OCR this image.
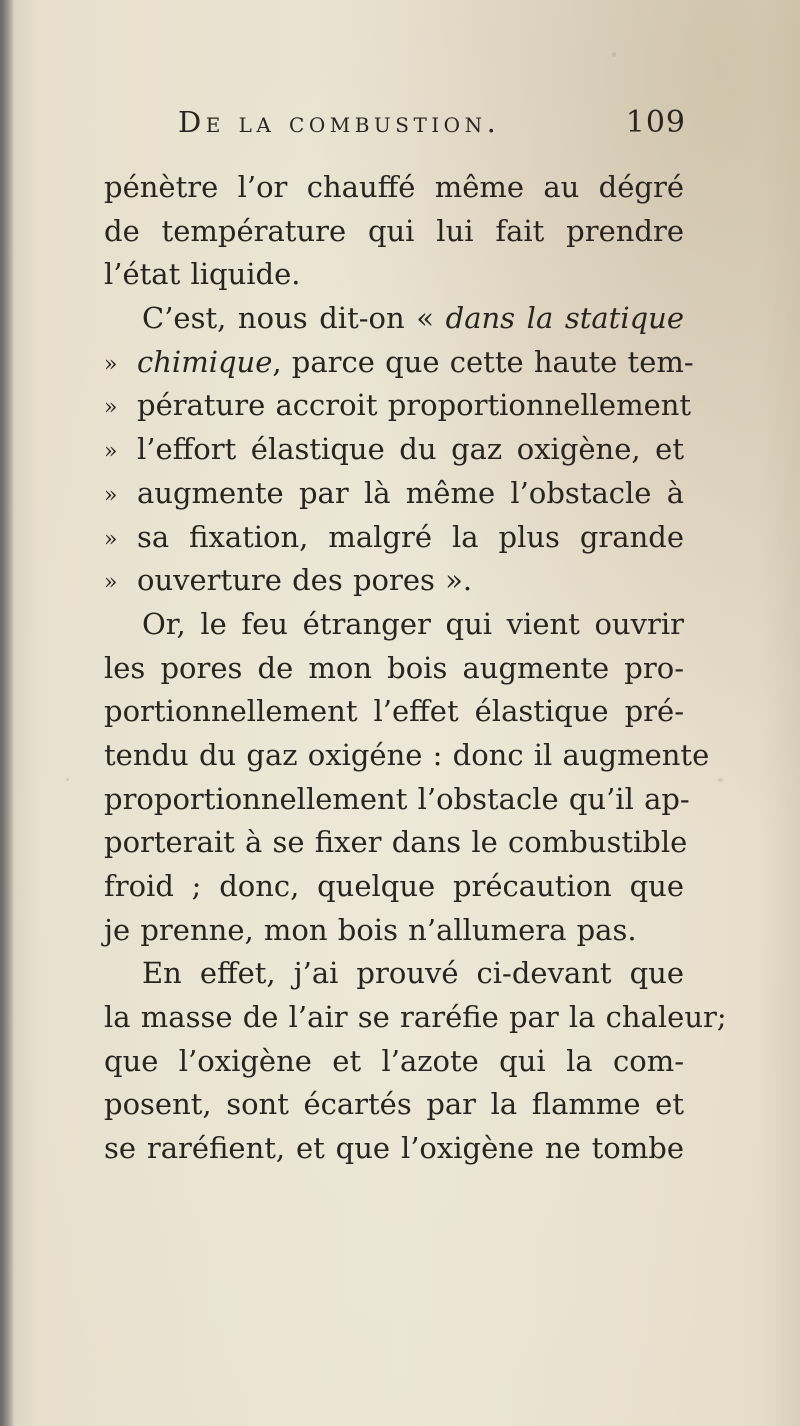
De la combustion.	109
pénètre l’or chauffé même au dégré
de température qui lui fait prendre
l’état liquide.
C’est, nous dit-on « dans la statique
» chimique, parce que cette haute tem-
» pérature accroit proportionnellement
» l’effort élastique du gaz oxigène, et
» augmente par là même l’obstacle à
» sa fixation, malgré la plus grande
» ouverture des pores ».
Or, le feu étranger qui vient ouvrir
les pores de mon bois augmente pro-
portionnellement l’effet élastique pré-
tendu du gaz oxigéne : donc il augmente
proportionnellement l’obstacle qu’il ap-
porterait à se fixer dans le combustible
froid ; donc, quelque précaution que
je prenne, mon bois n’allumera pas.
En effet, j’ai prouvé ci-devant que
la masse de l’air se raréfie par la chaleur;
que l’oxigène et l’azote qui la com-
posent, sont écartés par la flamme et
se raréfient, et que l’oxigène ne tombe
